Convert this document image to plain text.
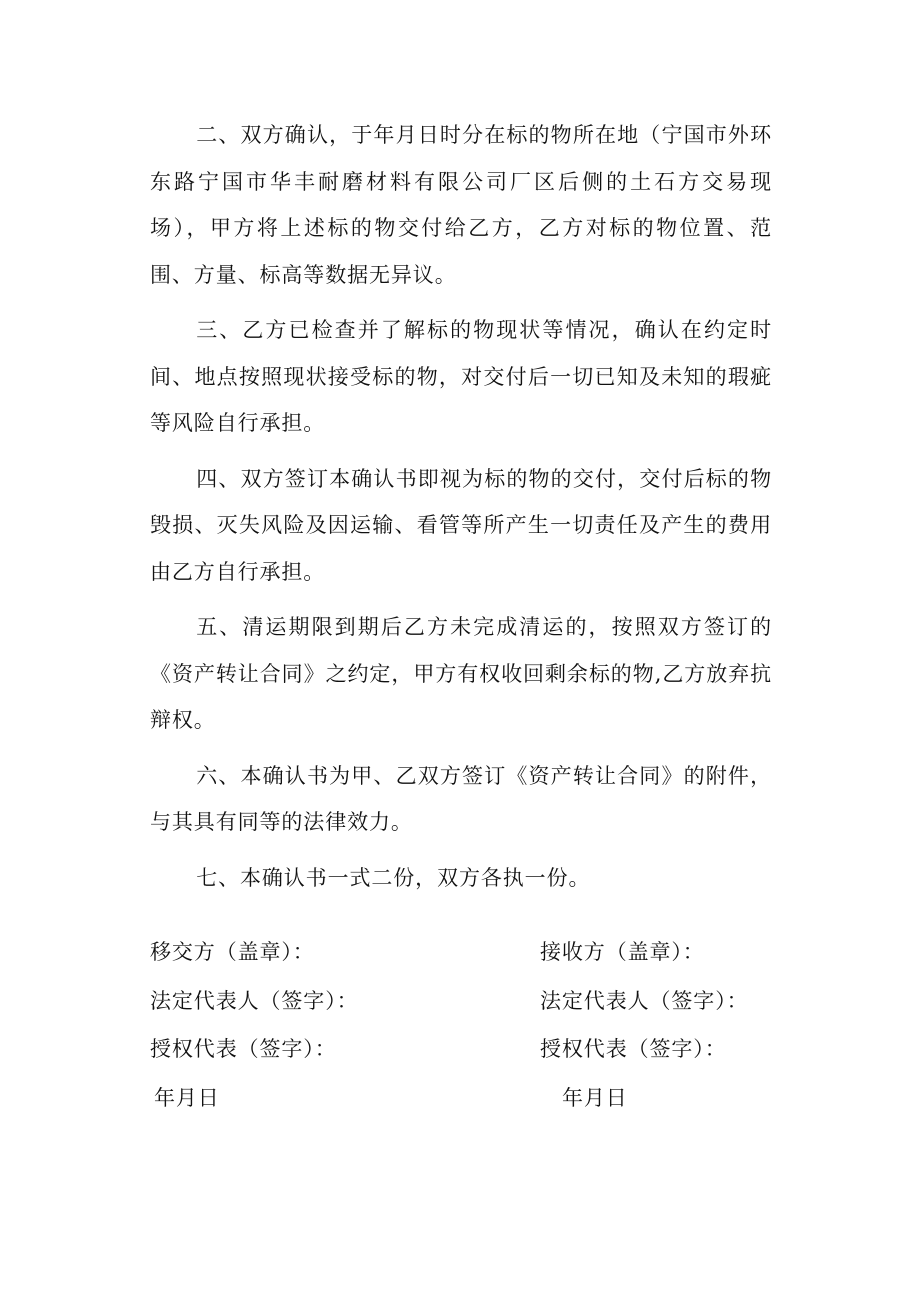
二、双方确认，于年月日时分在标的物所在地（宁国市外环东路宁国市华丰耐磨材料有限公司厂区后侧的土石方交易现场），甲方将上述标的物交付给乙方，乙方对标的物位置、范围、方量、标高等数据无异议。

三、乙方已检查并了解标的物现状等情况，确认在约定时间、地点按照现状接受标的物，对交付后一切已知及未知的瑕疵等风险自行承担。

四、双方签订本确认书即视为标的物的交付，交付后标的物毁损、灭失风险及因运输、看管等所产生一切责任及产生的费用由乙方自行承担。

五、清运期限到期后乙方未完成清运的，按照双方签订的《资产转让合同》之约定，甲方有权收回剩余标的物,乙方放弃抗辩权。

六、本确认书为甲、乙双方签订《资产转让合同》的附件，与其具有同等的法律效力。

七、本确认书一式二份，双方各执一份。

移交方（盖章）：
法定代表人（签字）：
授权代表（签字）：
年月日
接收方（盖章）：
法定代表人（签字）：
授权代表（签字）：
年月日
